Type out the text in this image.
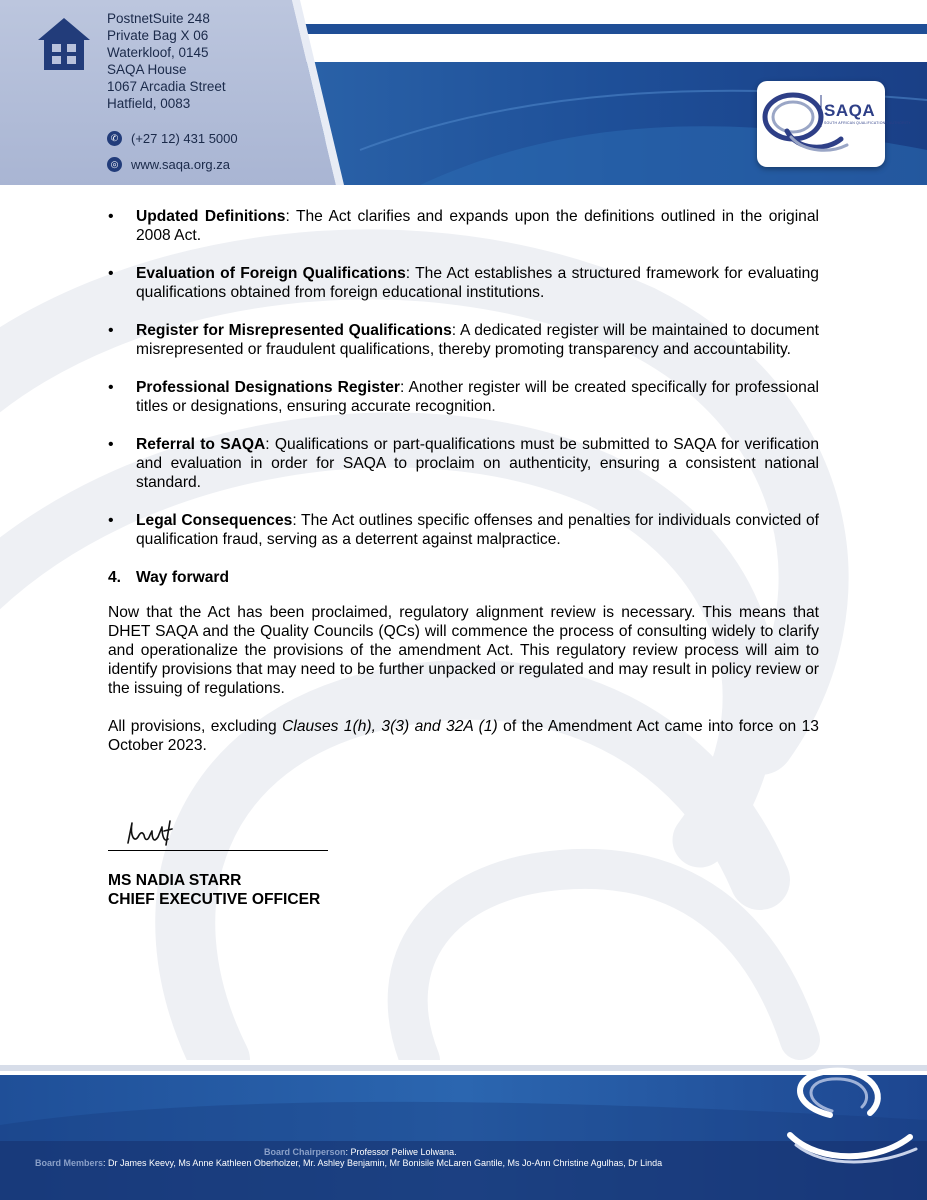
PostnetSuite 248
Private Bag X 06
Waterkloof, 0145
SAQA House
1067 Arcadia Street
Hatfield, 0083
✆ (+27 12) 431 5000
◎ www.saqa.org.za
SAQA
SOUTH AFRICAN QUALIFICATIONS AUTHORITY
• Updated Definitions: The Act clarifies and expands upon the definitions outlined in the original 2008 Act.
• Evaluation of Foreign Qualifications: The Act establishes a structured framework for evaluating qualifications obtained from foreign educational institutions.
• Register for Misrepresented Qualifications: A dedicated register will be maintained to document misrepresented or fraudulent qualifications, thereby promoting transparency and accountability.
• Professional Designations Register: Another register will be created specifically for professional titles or designations, ensuring accurate recognition.
• Referral to SAQA: Qualifications or part-qualifications must be submitted to SAQA for verification and evaluation in order for SAQA to proclaim on authenticity, ensuring a consistent national standard.
• Legal Consequences: The Act outlines specific offenses and penalties for individuals convicted of qualification fraud, serving as a deterrent against malpractice.
4. Way forward

Now that the Act has been proclaimed, regulatory alignment review is necessary. This means that DHET SAQA and the Quality Councils (QCs) will commence the process of consulting widely to clarify and operationalize the provisions of the amendment Act. This regulatory review process will aim to identify provisions that may need to be further unpacked or regulated and may result in policy review or the issuing of regulations.

All provisions, excluding Clauses 1(h), 3(3) and 32A (1) of the Amendment Act came into force on 13 October 2023.

MS NADIA STARR
CHIEF EXECUTIVE OFFICER
Board Chairperson: Professor Peliwe Lolwana.
Board Members: Dr James Keevy, Ms Anne Kathleen Oberholzer, Mr. Ashley Benjamin, Mr Bonisile McLaren Gantile, Ms Jo-Ann Christine Agulhas, Dr Linda
